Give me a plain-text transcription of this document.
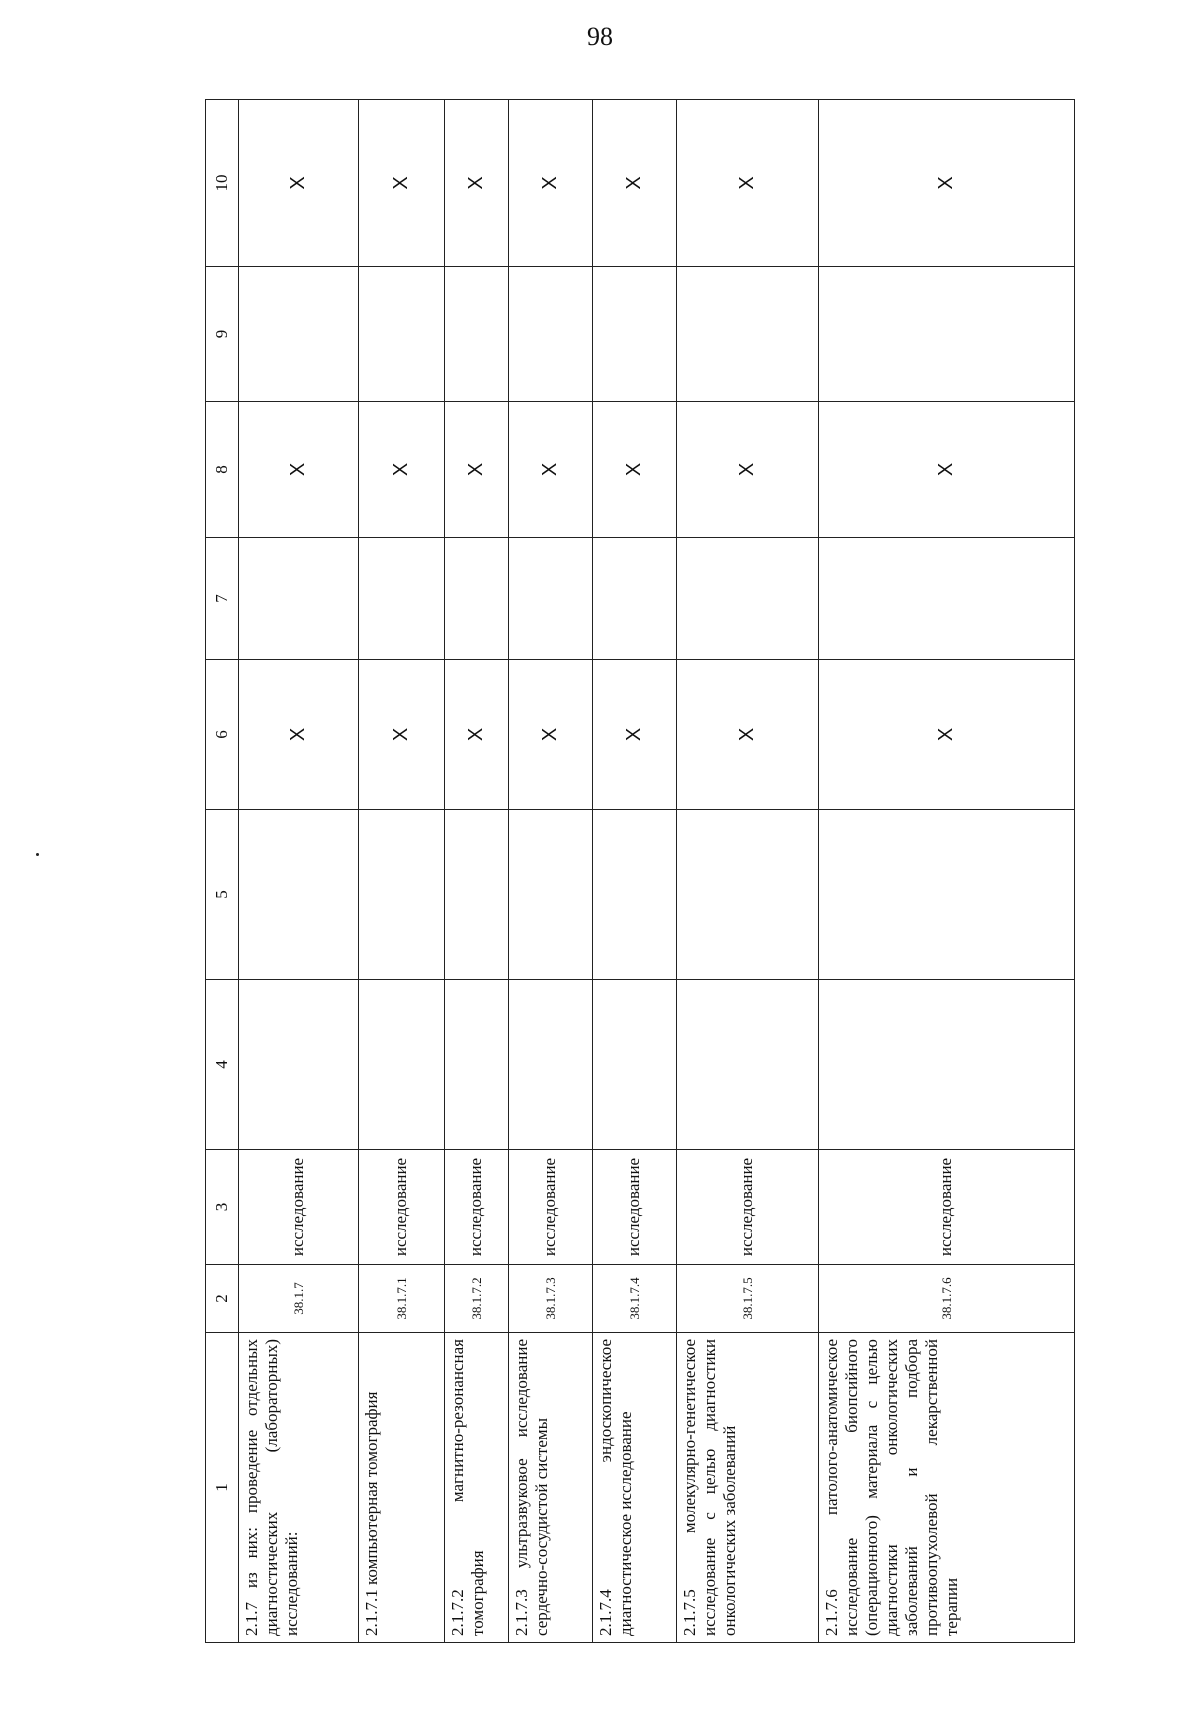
98
1	2	3	4	5	6	7	8	9	10
2.1.7 из них: проведение отдельных диагностических (лабораторных) исследований:	38.1.7	исследование			X		X		X
2.1.7.1 компьютерная томография	38.1.7.1	исследование			X		X		X
2.1.7.2 магнитно-резонансная томография	38.1.7.2	исследование			X		X		X
2.1.7.3 ультразвуковое исследование сердечно-сосудистой системы	38.1.7.3	исследование			X		X		X
2.1.7.4 эндоскопическое диагностическое исследование	38.1.7.4	исследование			X		X		X
2.1.7.5 молекулярно-генетическое исследование с целью диагностики онкологических заболеваний	38.1.7.5	исследование			X		X		X
2.1.7.6 патолого-анатомическое исследование биопсийного (операционного) материала с целью диагностики онкологических заболеваний и подбора противоопухолевой лекарственной терапии	38.1.7.6	исследование			X		X		X
